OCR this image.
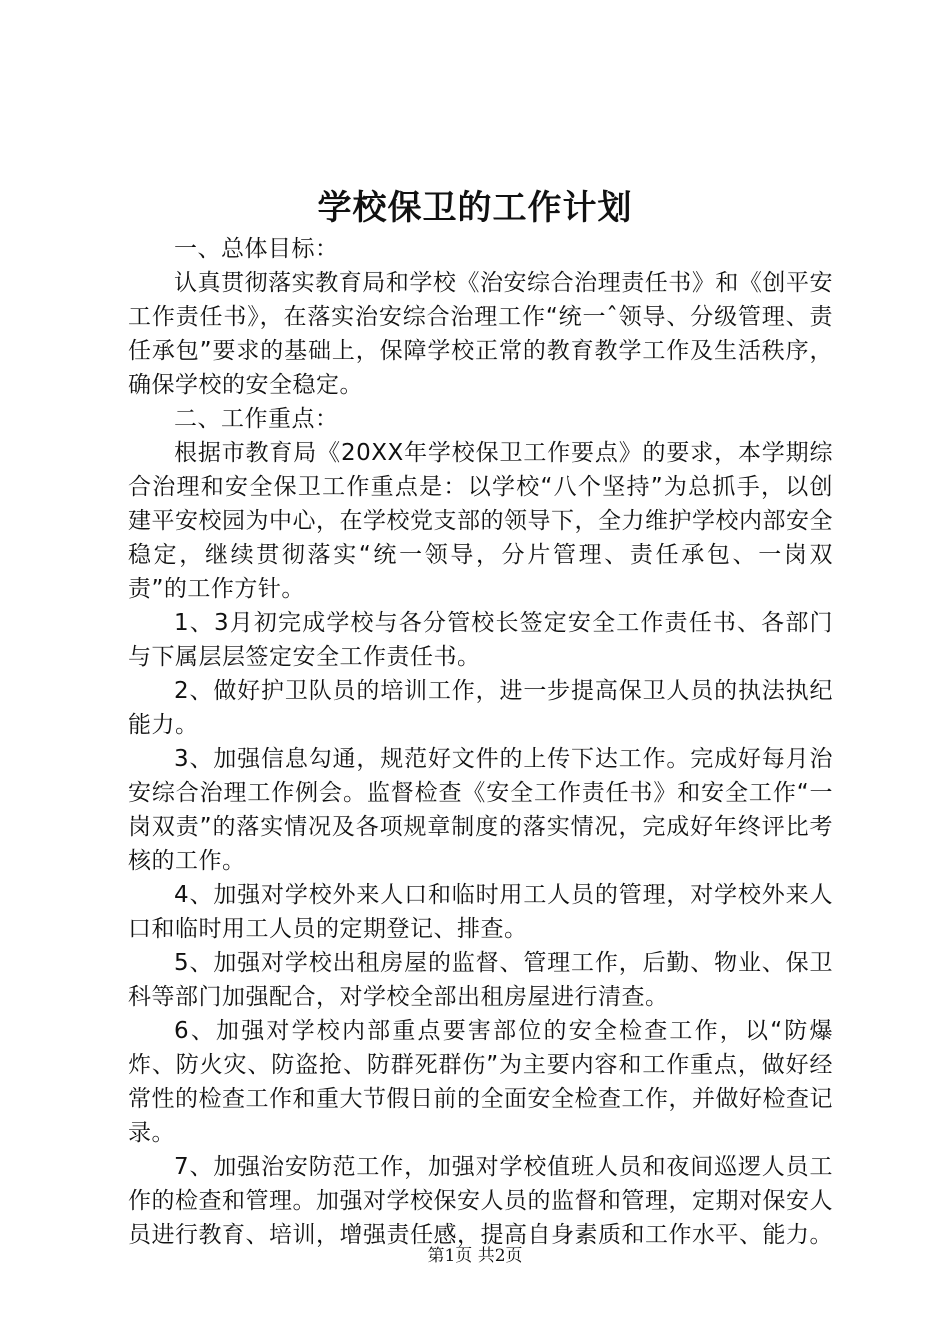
学校保卫的工作计划

一、总体目标：

认真贯彻落实教育局和学校《治安综合治理责任书》和《创平安工作责任书》，在落实治安综合治理工作“统一ˆ领导、分级管理、责任承包”要求的基础上，保障学校正常的教育教学工作及生活秩序，确保学校的安全稳定。

二、工作重点：

根据市教育局《20XX年学校保卫工作要点》的要求，本学期综合治理和安全保卫工作重点是：以学校“八个坚持”为总抓手，以创建平安校园为中心，在学校党支部的领导下，全力维护学校内部安全稳定，继续贯彻落实“统一领导，分片管理、责任承包、一岗双责”的工作方针。

1、3月初完成学校与各分管校长签定安全工作责任书、各部门与下属层层签定安全工作责任书。

2、做好护卫队员的培训工作，进一步提高保卫人员的执法执纪能力。

3、加强信息勾通，规范好文件的上传下达工作。完成好每月治安综合治理工作例会。监督检查《安全工作责任书》和安全工作“一岗双责”的落实情况及各项规章制度的落实情况，完成好年终评比考核的工作。

4、加强对学校外来人口和临时用工人员的管理，对学校外来人口和临时用工人员的定期登记、排查。

5、加强对学校出租房屋的监督、管理工作，后勤、物业、保卫科等部门加强配合，对学校全部出租房屋进行清查。

6、加强对学校内部重点要害部位的安全检查工作，以“防爆炸、防火灾、防盗抢、防群死群伤”为主要内容和工作重点，做好经常性的检查工作和重大节假日前的全面安全检查工作，并做好检查记录。

7、加强治安防范工作，加强对学校值班人员和夜间巡逻人员工作的检查和管理。加强对学校保安人员的监督和管理，定期对保安人员进行教育、培训，增强责任感，提高自身素质和工作水平、能力。

第1页 共2页
